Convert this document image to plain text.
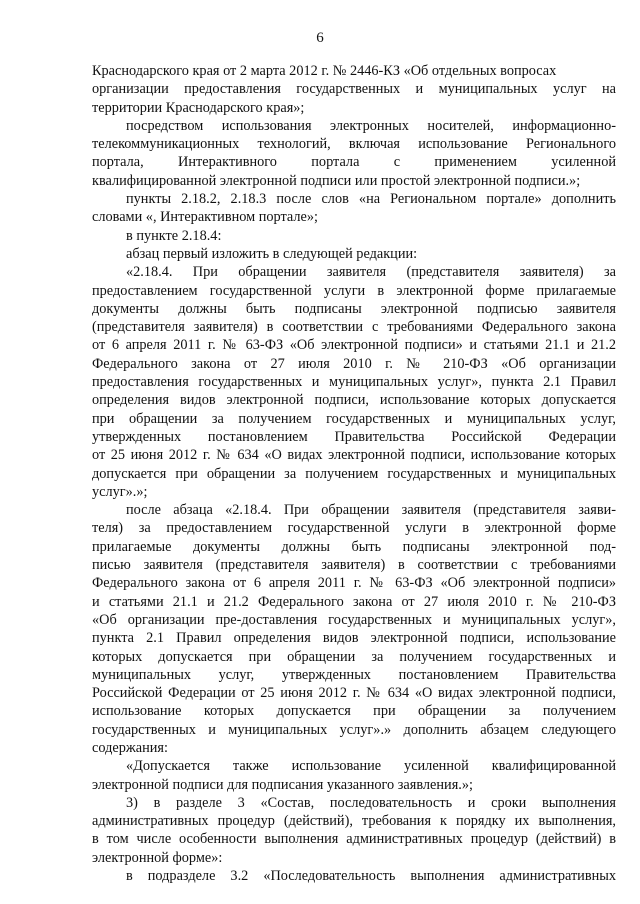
6
Краснодарского края от 2 марта 2012 г. № 2446-КЗ «Об отдельных вопросах
организации предоставления государственных и муниципальных услуг на
территории Краснодарского края»;
посредством использования электронных носителей, информационно-
телекоммуникационных технологий, включая использование Регионального
портала, Интерактивного портала с применением усиленной
квалифицированной электронной подписи или простой электронной подписи.»;
пункты 2.18.2, 2.18.3 после слов «на Региональном портале» дополнить
словами «, Интерактивном портале»;
в пункте 2.18.4:
абзац первый изложить в следующей редакции:
«2.18.4. При обращении заявителя (представителя заявителя) за
предоставлением государственной услуги в электронной форме прилагаемые
документы должны быть подписаны электронной подписью заявителя
(представителя заявителя) в соответствии с требованиями Федерального закона
от 6 апреля 2011 г. № 63-ФЗ «Об электронной подписи» и статьями 21.1 и 21.2
Федерального закона от 27 июля 2010 г. № 210-ФЗ «Об организации
предоставления государственных и муниципальных услуг», пункта 2.1 Правил
определения видов электронной подписи, использование которых допускается
при обращении за получением государственных и муниципальных услуг,
утвержденных постановлением Правительства Российской Федерации
от 25 июня 2012 г. № 634 «О видах электронной подписи, использование которых
допускается при обращении за получением государственных и муниципальных
услуг».»;
после абзаца «2.18.4. При обращении заявителя (представителя заяви-
теля) за предоставлением государственной услуги в электронной форме
прилагаемые документы должны быть подписаны электронной под-
писью заявителя (представителя заявителя) в соответствии с требованиями
Федерального закона от 6 апреля 2011 г. № 63-ФЗ «Об электронной подписи»
и статьями 21.1 и 21.2 Федерального закона от 27 июля 2010 г. № 210-ФЗ
«Об организации пре-доставления государственных и муниципальных услуг»,
пункта 2.1 Правил определения видов электронной подписи, использование
которых допускается при обращении за получением государственных и
муниципальных услуг, утвержденных постановлением Правительства
Российской Федерации от 25 июня 2012 г. № 634 «О видах электронной подписи,
использование которых допускается при обращении за получением
государственных и муниципальных услуг».» дополнить абзацем следующего
содержания:
«Допускается также использование усиленной квалифицированной
электронной подписи для подписания указанного заявления.»;
3) в разделе 3 «Состав, последовательность и сроки выполнения
административных процедур (действий), требования к порядку их выполнения,
в том числе особенности выполнения административных процедур (действий) в
электронной форме»:
в подразделе 3.2 «Последовательность выполнения административных
